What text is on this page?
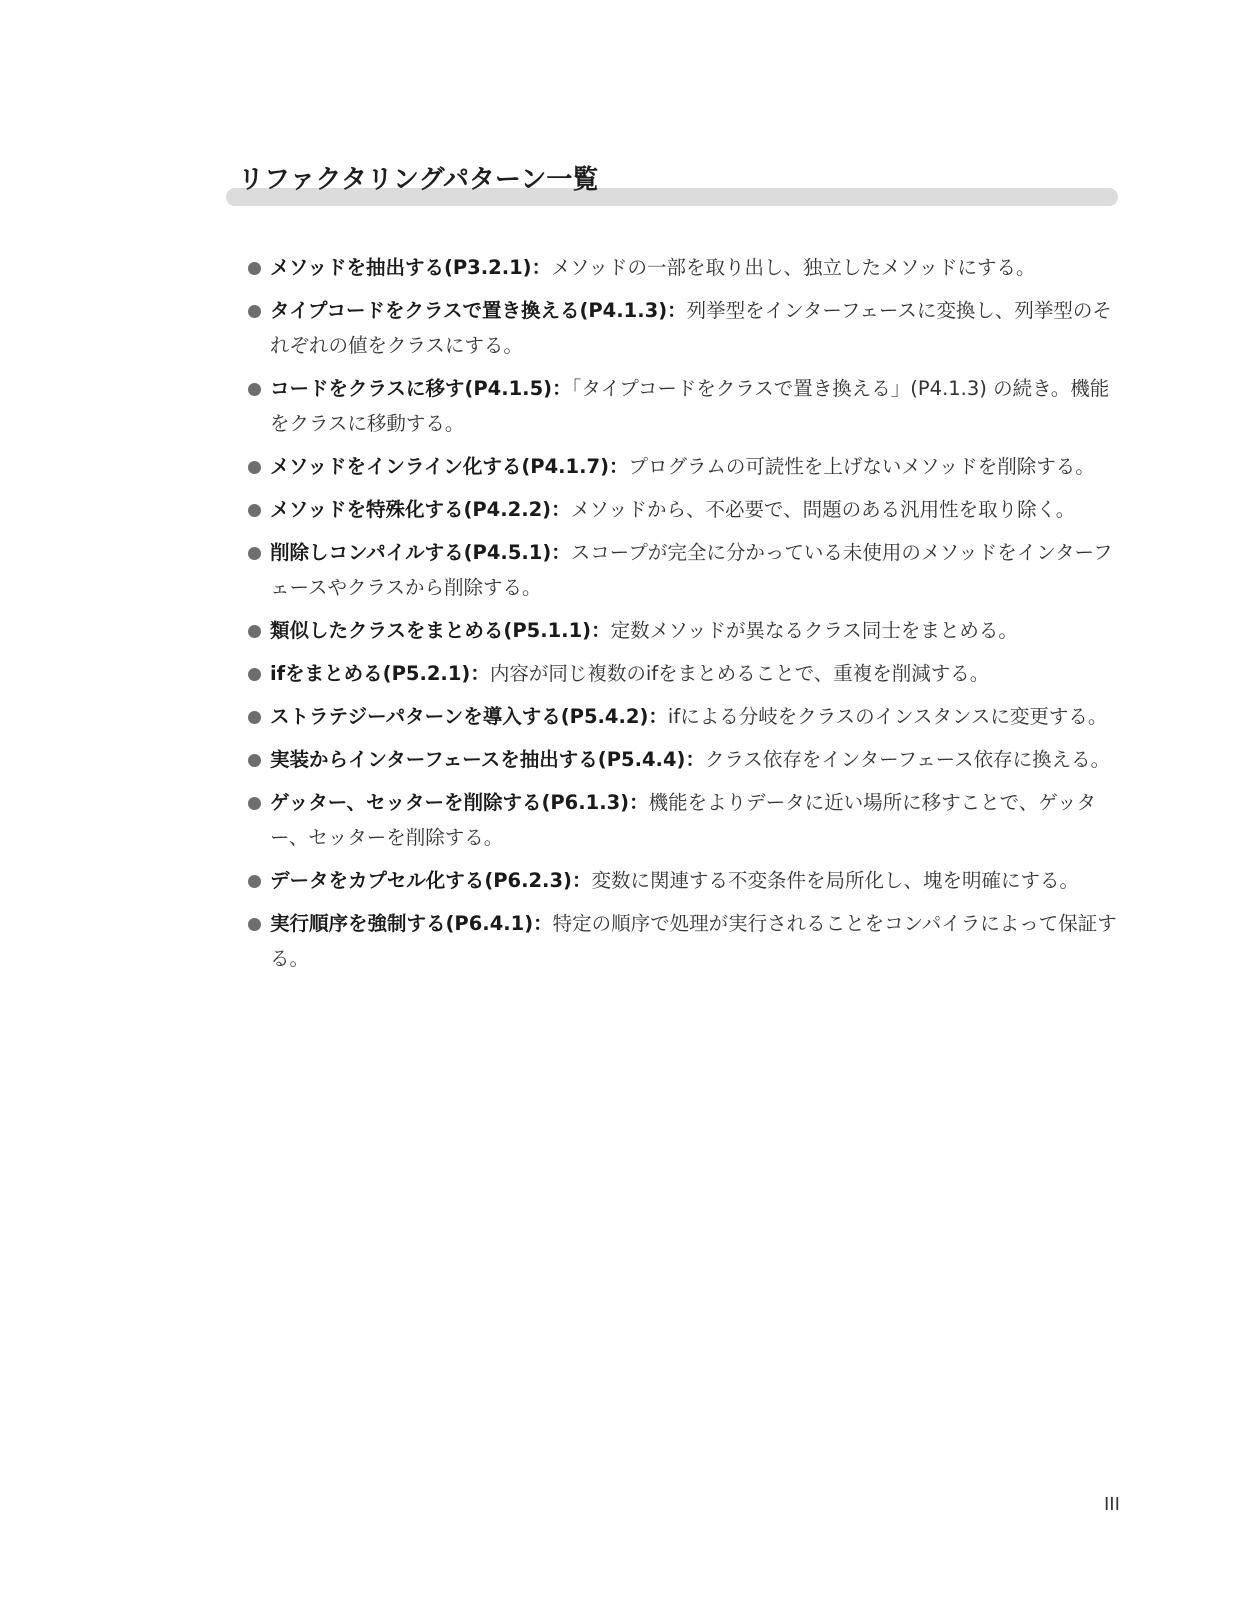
リファクタリングパターン一覧
メソッドを抽出する(P3.2.1)：メソッドの一部を取り出し、独立したメソッドにする。
タイプコードをクラスで置き換える(P4.1.3)：列挙型をインターフェースに変換し、列挙型のそれぞれの値をクラスにする。
コードをクラスに移す(P4.1.5)：「タイプコードをクラスで置き換える」(P4.1.3) の続き。機能をクラスに移動する。
メソッドをインライン化する(P4.1.7)：プログラムの可読性を上げないメソッドを削除する。
メソッドを特殊化する(P4.2.2)：メソッドから、不必要で、問題のある汎用性を取り除く。
削除しコンパイルする(P4.5.1)：スコープが完全に分かっている未使用のメソッドをインターフェースやクラスから削除する。
類似したクラスをまとめる(P5.1.1)：定数メソッドが異なるクラス同士をまとめる。
ifをまとめる(P5.2.1)：内容が同じ複数のifをまとめることで、重複を削減する。
ストラテジーパターンを導入する(P5.4.2)：ifによる分岐をクラスのインスタンスに変更する。
実装からインターフェースを抽出する(P5.4.4)：クラス依存をインターフェース依存に換える。
ゲッター、セッターを削除する(P6.1.3)：機能をよりデータに近い場所に移すことで、ゲッター、セッターを削除する。
データをカプセル化する(P6.2.3)：変数に関連する不変条件を局所化し、塊を明確にする。
実行順序を強制する(P6.4.1)：特定の順序で処理が実行されることをコンパイラによって保証する。
III
